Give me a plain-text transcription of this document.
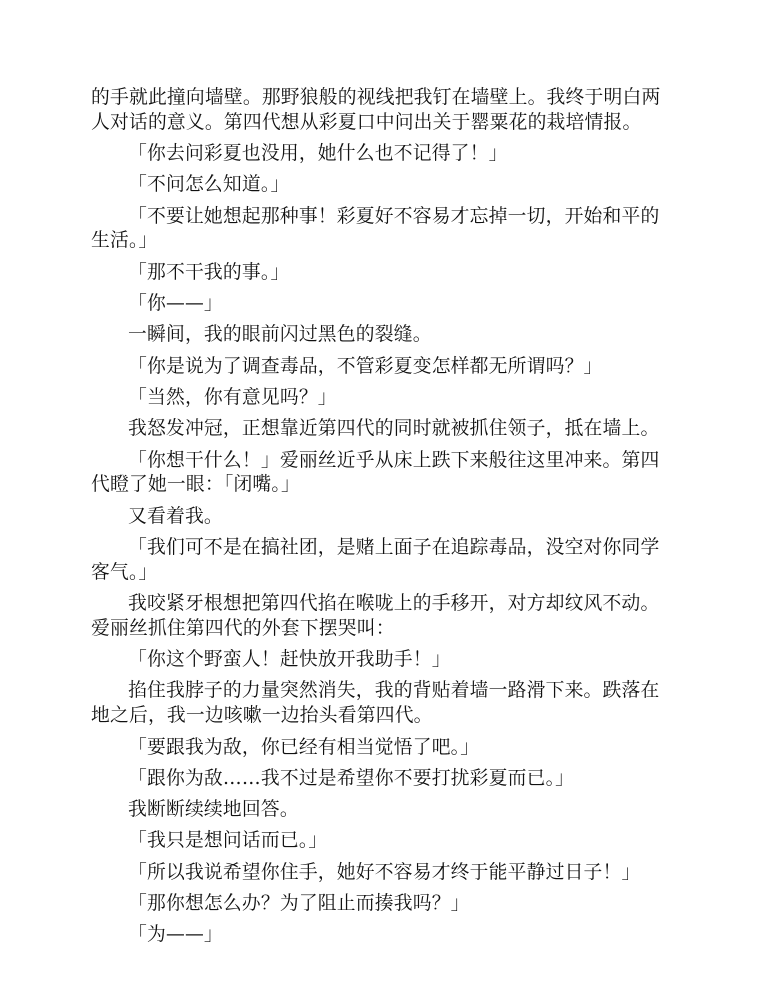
的手就此撞向墙壁。那野狼般的视线把我钉在墙壁上。我终于明白两人对话的意义。第四代想从彩夏口中问出关于罂粟花的栽培情报。

「你去问彩夏也没用，她什么也不记得了！」

「不问怎么知道。」

「不要让她想起那种事！彩夏好不容易才忘掉一切，开始和平的生活。」

「那不干我的事。」

「你——」

一瞬间，我的眼前闪过黑色的裂缝。

「你是说为了调查毒品，不管彩夏变怎样都无所谓吗？」

「当然，你有意见吗？」

我怒发冲冠，正想靠近第四代的同时就被抓住领子，抵在墙上。

「你想干什么！」爱丽丝近乎从床上跌下来般往这里冲来。第四代瞪了她一眼：「闭嘴。」

又看着我。

「我们可不是在搞社团，是赌上面子在追踪毒品，没空对你同学客气。」

我咬紧牙根想把第四代掐在喉咙上的手移开，对方却纹风不动。爱丽丝抓住第四代的外套下摆哭叫：

「你这个野蛮人！赶快放开我助手！」

掐住我脖子的力量突然消失，我的背贴着墙一路滑下来。跌落在地之后，我一边咳嗽一边抬头看第四代。

「要跟我为敌，你已经有相当觉悟了吧。」

「跟你为敌……我不过是希望你不要打扰彩夏而已。」

我断断续续地回答。

「我只是想问话而已。」

「所以我说希望你住手，她好不容易才终于能平静过日子！」

「那你想怎么办？为了阻止而揍我吗？」

「为——」
